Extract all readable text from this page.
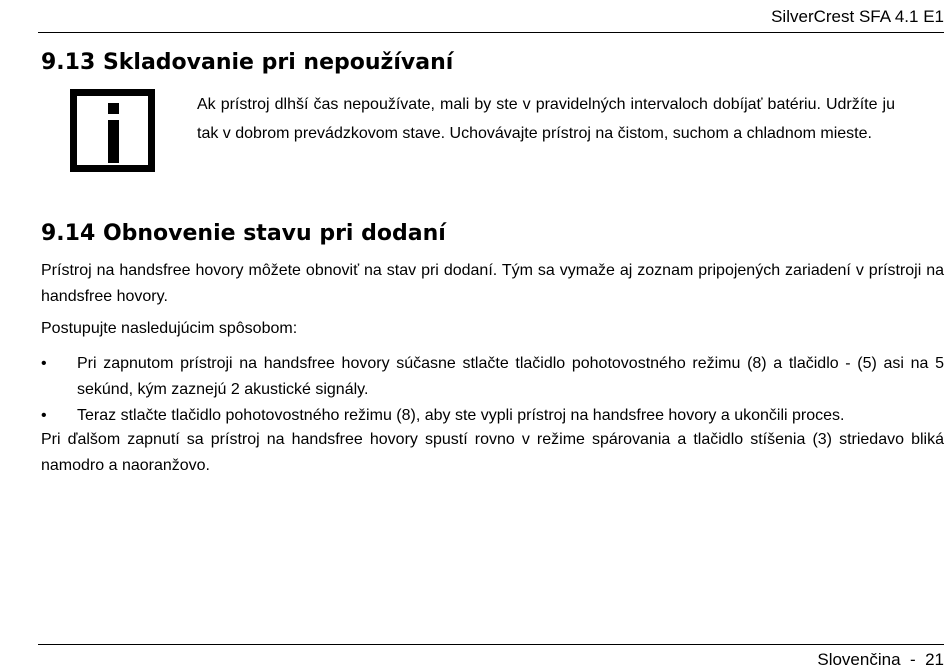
SilverCrest SFA 4.1 E1
9.13 Skladovanie pri nepoužívaní

Ak prístroj dlhší čas nepoužívate, mali by ste v pravidelných intervaloch dobíjať batériu. Udržíte ju tak v dobrom prevádzkovom stave. Uchovávajte prístroj na čistom, suchom a chladnom mieste.

9.14 Obnovenie stavu pri dodaní

Prístroj na handsfree hovory môžete obnoviť na stav pri dodaní. Tým sa vymaže aj zoznam pripojených zariadení v prístroji na handsfree hovory.

Postupujte nasledujúcim spôsobom:

• Pri zapnutom prístroji na handsfree hovory súčasne stlačte tlačidlo pohotovostného režimu (8) a tlačidlo - (5) asi na 5 sekúnd, kým zaznejú 2 akustické signály.
• Teraz stlačte tlačidlo pohotovostného režimu (8), aby ste vypli prístroj na handsfree hovory a ukončili proces.

Pri ďalšom zapnutí sa prístroj na handsfree hovory spustí rovno v režime spárovania a tlačidlo stíšenia (3) striedavo bliká namodro a naoranžovo.

Slovenčina  -  21
